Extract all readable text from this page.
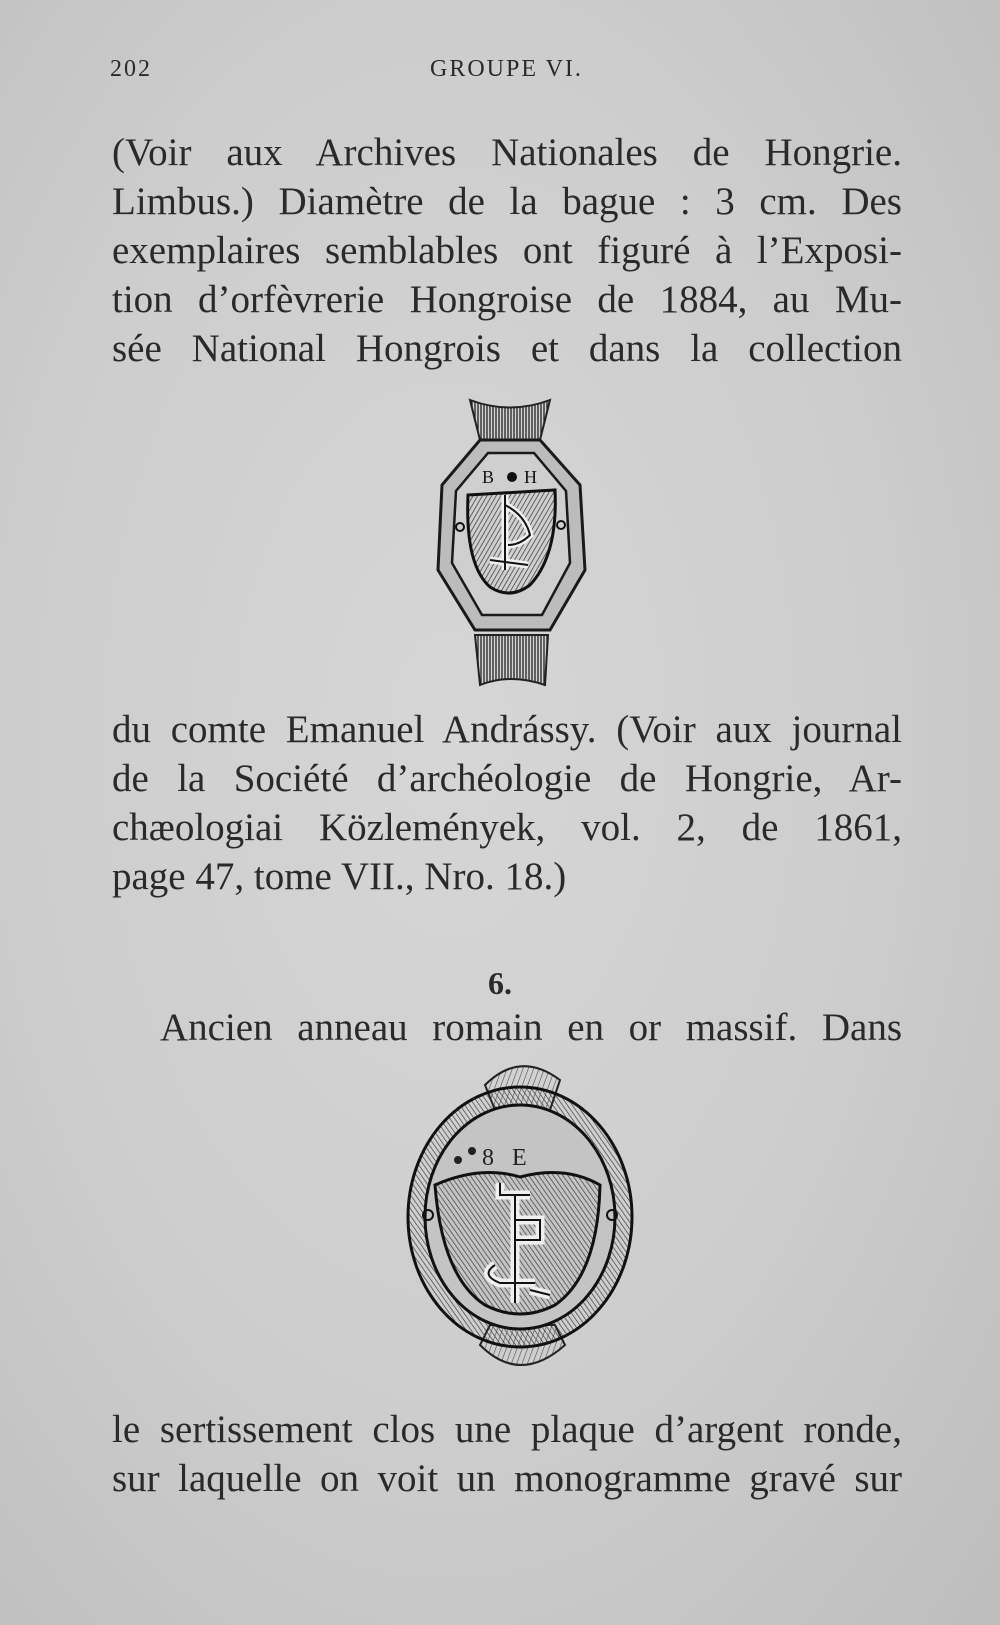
202	GROUPE VI.
(Voir aux Archives Nationales de Hongrie.
Limbus.) Diamètre de la bague : 3 cm. Des
exemplaires semblables ont figuré à l’Exposi-
tion d’orfèvrerie Hongroise de 1884, au Mu-
sée National Hongrois et dans la collection
B H
du comte Emanuel Andrássy. (Voir aux journal
de la Société d’archéologie de Hongrie, Ar-
chæologiai Közlemények, vol. 2, de 1861,
page 47, tome VII., Nro. 18.)
6.
Ancien anneau romain en or massif. Dans
8 E
le sertissement clos une plaque d’argent ronde,
sur laquelle on voit un monogramme gravé sur
